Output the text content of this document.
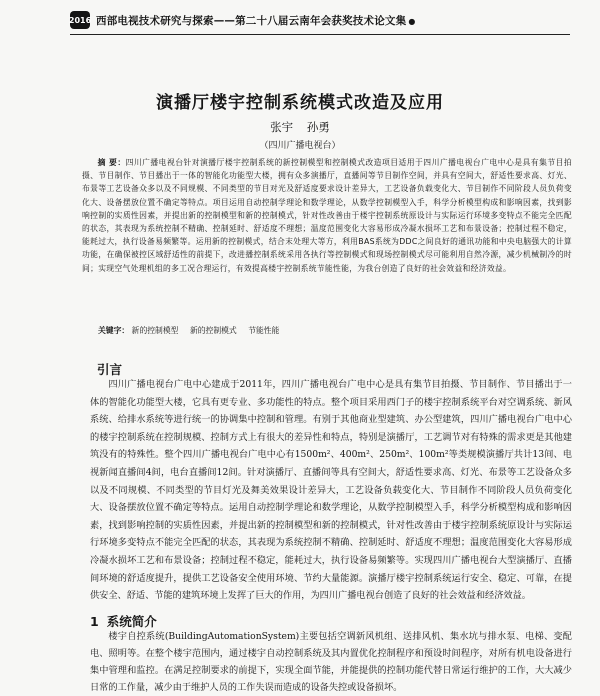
2016 西部电视技术研究与探索——第二十八届云南年会获奖技术论文集 ●
演播厅楼宇控制系统模式改造及应用
张宇 孙勇
（四川广播电视台）
摘 要：四川广播电视台针对演播厅楼宇控制系统的新控制模型和控制模式改造项目适用于四川广播电视台广电中心是具有集节目拍摄、节目制作、节目播出于一体的智能化功能型大楼，拥有众多演播厅，直播间等节目制作空间，并具有空间大，舒适性要求高、灯光、布景等工艺设备众多以及不同规模、不同类型的节目对光及舒适度要求设计差异大，工艺设备负载变化大、节目制作不同阶段人员负荷变化大、设备摆放位置不确定等特点。项目运用自动控制学理论和数学理论，从数学控制模型入手，科学分析模型构成和影响因素，找到影响控制的实质性因素，并提出新的控制模型和新的控制模式，针对性改善由于楼宇控制系统原设计与实际运行环境多变特点不能完全匹配的状态，其表现为系统控制不精确、控制延时、舒适度不理想；温度范围变化大容易形成冷凝水损坏工艺和布景设备；控制过程不稳定，能耗过大，执行设备易频繁等。运用新的控制模式，结合末处理大等方，利用BAS系统为DDC之间良好的通讯功能和中央电脑强大的计算功能，在确保被控区域舒适性的前提下，改进播控制系统采用各执行等控制模式和现场控制模式尽可能利用自然冷源，减少机械制冷的时间；实现空气处理机组的多工况合理运行，有效提高楼宇控制系统节能性能，为我台创造了良好的社会效益和经济效益。
关键字： 新的控制模型 新的控制模式 节能性能
引言
四川广播电视台广电中心建成于2011年，四川广播电视台广电中心是具有集节目拍摄、节目制作、节目播出于一体的智能化功能型大楼，它具有更专业、多功能性的特点。整个项目采用西门子的楼宇控制系统平台对空调系统、新风系统、给排水系统等进行统一的协调集中控制和管理。有别于其他商业型建筑、办公型建筑，四川广播电视台广电中心的楼宇控制系统在控制规模、控制方式上有很大的差异性和特点，特别是演播厅，工艺调节对有特殊的需求更是其他建筑没有的特殊性。整个四川广播电视台广电中心有1500m²、400m²、250m²、100m²等类规模演播厅共计13间、电视新闻直播间4间，电台直播间12间。针对演播厅、直播间等具有空间大，舒适性要求高、灯光、布景等工艺设备众多以及不同规模、不同类型的节目灯光及舞美效果设计差异大，工艺设备负载变化大、节目制作不同阶段人员负荷变化大、设备摆放位置不确定等特点。运用自动控制学理论和数学理论，从数学控制模型入手，科学分析模型构成和影响因素，找到影响控制的实质性因素，并提出新的控制模型和新的控制模式，针对性改善由于楼宇控制系统原设计与实际运行环境多变特点不能完全匹配的状态，其表现为系统控制不精确、控制延时、舒适度不理想；温度范围变化大容易形成冷凝水损坏工艺和布景设备；控制过程不稳定，能耗过大，执行设备易频繁等。实现四川广播电视台大型演播厅、直播间环境的舒适度提升，提供工艺设备安全使用环境、节约大量能源。演播厅楼宇控制系统运行安全、稳定、可靠，在提供安全、舒适、节能的建筑环境上发挥了巨大的作用，为四川广播电视台创造了良好的社会效益和经济效益。
1 系统简介
楼宇自控系统(BuildingAutomationSystem)主要包括空调新风机组、送排风机、集水坑与排水泵、电梯、变配电、照明等。在整个楼宇范围内，通过楼宇自动控制系统及其内置优化控制程序和预设时间程序，对所有机电设备进行集中管理和监控。在满足控制要求的前提下，实现全面节能，并能提供的控制功能代替日常运行维护的工作，大大减少日常的工作量，减少由于维护人员的工作失误而造成的设备失控或设备损坏。
